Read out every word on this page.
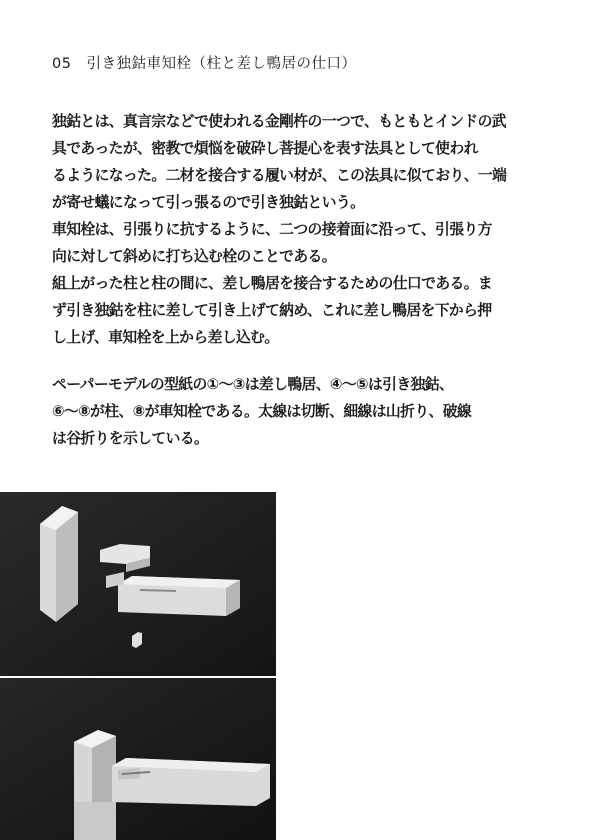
05　引き独鈷車知栓（柱と差し鴨居の仕口）
独鈷とは、真言宗などで使われる金剛杵の一つで、もともとインドの武
具であったが、密教で煩悩を破砕し菩提心を表す法具として使われ
るようになった。二材を接合する履い材が、この法具に似ており、一端
が寄せ蟻になって引っ張るので引き独鈷という。
車知栓は、引張りに抗するように、二つの接着面に沿って、引張り方
向に対して斜めに打ち込む栓のことである。
組上がった柱と柱の間に、差し鴨居を接合するための仕口である。ま
ず引き独鈷を柱に差して引き上げて納め、これに差し鴨居を下から押
し上げ、車知栓を上から差し込む。
ペーパーモデルの型紙の①〜③は差し鴨居、④〜⑤は引き独鈷、
⑥〜⑧が柱、⑧が車知栓である。太線は切断、細線は山折り、破線
は谷折りを示している。
